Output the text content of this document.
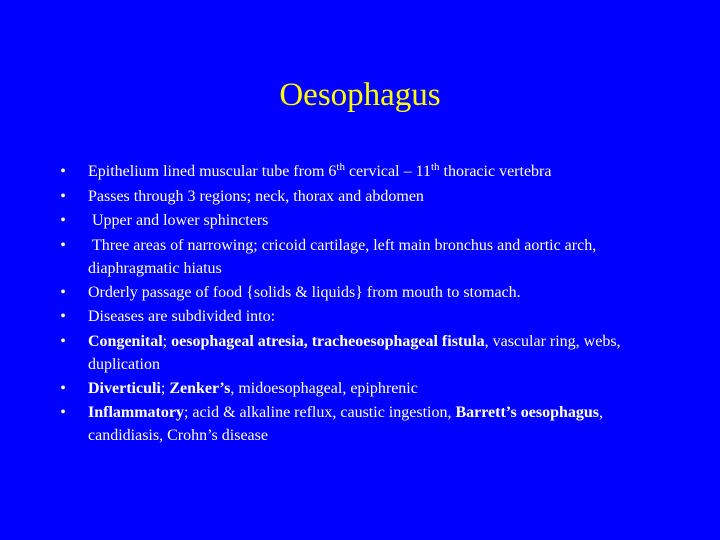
Oesophagus
• Epithelium lined muscular tube from 6th cervical – 11th thoracic vertebra
• Passes through 3 regions; neck, thorax and abdomen
• Upper and lower sphincters
• Three areas of narrowing; cricoid cartilage, left main bronchus and aortic arch, diaphragmatic hiatus
• Orderly passage of food {solids & liquids} from mouth to stomach.
• Diseases are subdivided into:
• Congenital; oesophageal atresia, tracheoesophageal fistula, vascular ring, webs, duplication
• Diverticuli; Zenker’s, midoesophageal, epiphrenic
• Inflammatory; acid & alkaline reflux, caustic ingestion, Barrett’s oesophagus, candidiasis, Crohn’s disease
